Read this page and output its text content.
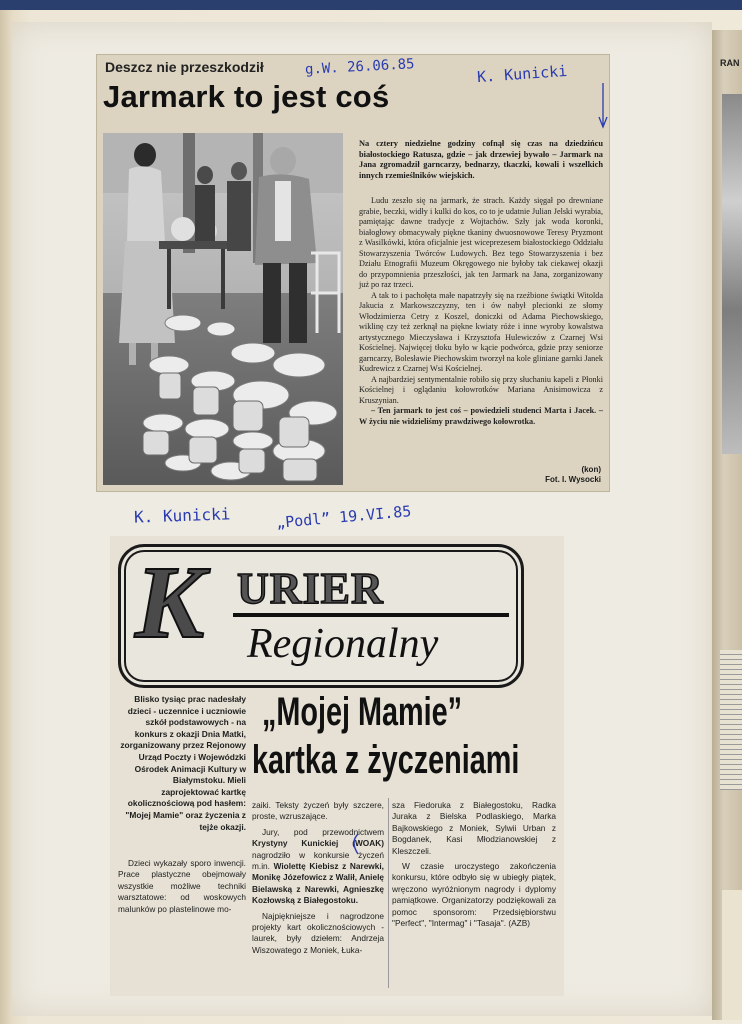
RAN
Deszcz nie przeszkodził	g.W. 26.06.85	K. Kunicki
Jarmark to jest coś
Na cztery niedzielne godziny cofnął się czas na dziedzińcu białostockiego Ratusza, gdzie – jak drzewiej bywało – Jarmark na Jana zgromadził garncarzy, bednarzy, tkaczki, kowali i wszelkich innych rzemieślników wiejskich.

Ludu zeszło się na jarmark, że strach. Każdy sięgał po drewniane grabie, beczki, widły i kulki do kos, co to je udatnie Julian Jelski wyrabia, pamiętając dawne tradycje z Wojtachów. Szły jak woda koronki, białogłowy obmacywały piękne tkaniny dwuosnowowe Teresy Pryzmont z Wasilkówki, która oficjalnie jest wiceprezesem białostockiego Oddziału Stowarzyszenia Twórców Ludowych. Bez tego Stowarzyszenia i bez Działu Etnografii Muzeum Okręgowego nie byłoby tak ciekawej okazji do przypomnienia przeszłości, jak ten Jarmark na Jana, zorganizowany już po raz trzeci.

A tak to i pachołęta małe napatrzyły się na rzeźbione świątki Witolda Jakucia z Markowszczyzny, ten i ów nabył plecionki ze słomy Włodzimierza Cetry z Koszel, doniczki od Adama Piechowskiego, wiklinę czy też zerknął na piękne kwiaty róże i inne wyroby kowalstwa artystycznego Mieczysława i Krzysztofa Hulewiczów z Czarnej Wsi Kościelnej. Najwięcej tłoku było w kącie podwórca, gdzie przy seniorze garncarzy, Bolesławie Piechowskim tworzył na kole gliniane garnki Janek Kudrewicz z Czarnej Wsi Kościelnej.

A najbardziej sentymentalnie robiło się przy słuchaniu kapeli z Płonki Kościelnej i oglądaniu kołowrotków Mariana Anisimowicza z Kruszynian.

– Ten jarmark to jest coś – powiedzieli studenci Marta i Jacek. – W życiu nie widzieliśmy prawdziwego kołowrotka.

(kon)
Fot. I. Wysocki
K. Kunicki	„Podl” 19.VI.85
K URIER
Regionalny
Blisko tysiąc prac nadesłały dzieci - uczennice i uczniowie szkół podstawowych - na konkurs z okazji Dnia Matki, zorganizowany przez Rejonowy Urząd Poczty i Wojewódzki Ośrodek Animacji Kultury w Białymstoku. Mieli zaprojektować kartkę okolicznościową pod hasłem: "Mojej Mamie" oraz życzenia z tejże okazji.

Dzieci wykazały sporo inwencji. Prace plastyczne obejmowały wszystkie możliwe techniki warsztatowe: od woskowych malunków po plastelinowe mo-

„Mojej Mamie”
kartka z życzeniami

zaiki. Teksty życzeń były szczere, proste, wzruszające.

Jury, pod przewodnictwem Krystyny Kunickiej (WOAK) nagrodziło w konkursie życzeń m.in. Wiolettę Kiebisz z Narewki, Monikę Józefowicz z Walił, Anielę Bielawską z Narewki, Agnieszkę Kozłowską z Białegostoku.

Najpiękniejsze i nagrodzone projekty kart okolicznościowych - laurek, były dziełem: Andrzeja Wiszowatego z Moniek, Łuka-

sza Fiedoruka z Białegostoku, Radka Juraka z Bielska Podlaskiego, Marka Bajkowskiego z Moniek, Sylwii Urban z Bogdanek, Kasi Młodzianowskiej z Kleszczeli.

W czasie uroczystego zakończenia konkursu, które odbyło się w ubiegły piątek, wręczono wyróżnionym nagrody i dyplomy pamiątkowe. Organizatorzy podziękowali za pomoc sponsorom: Przedsiębiorstwu "Perfect", "Intermag" i "Tasaja". (AZB)
